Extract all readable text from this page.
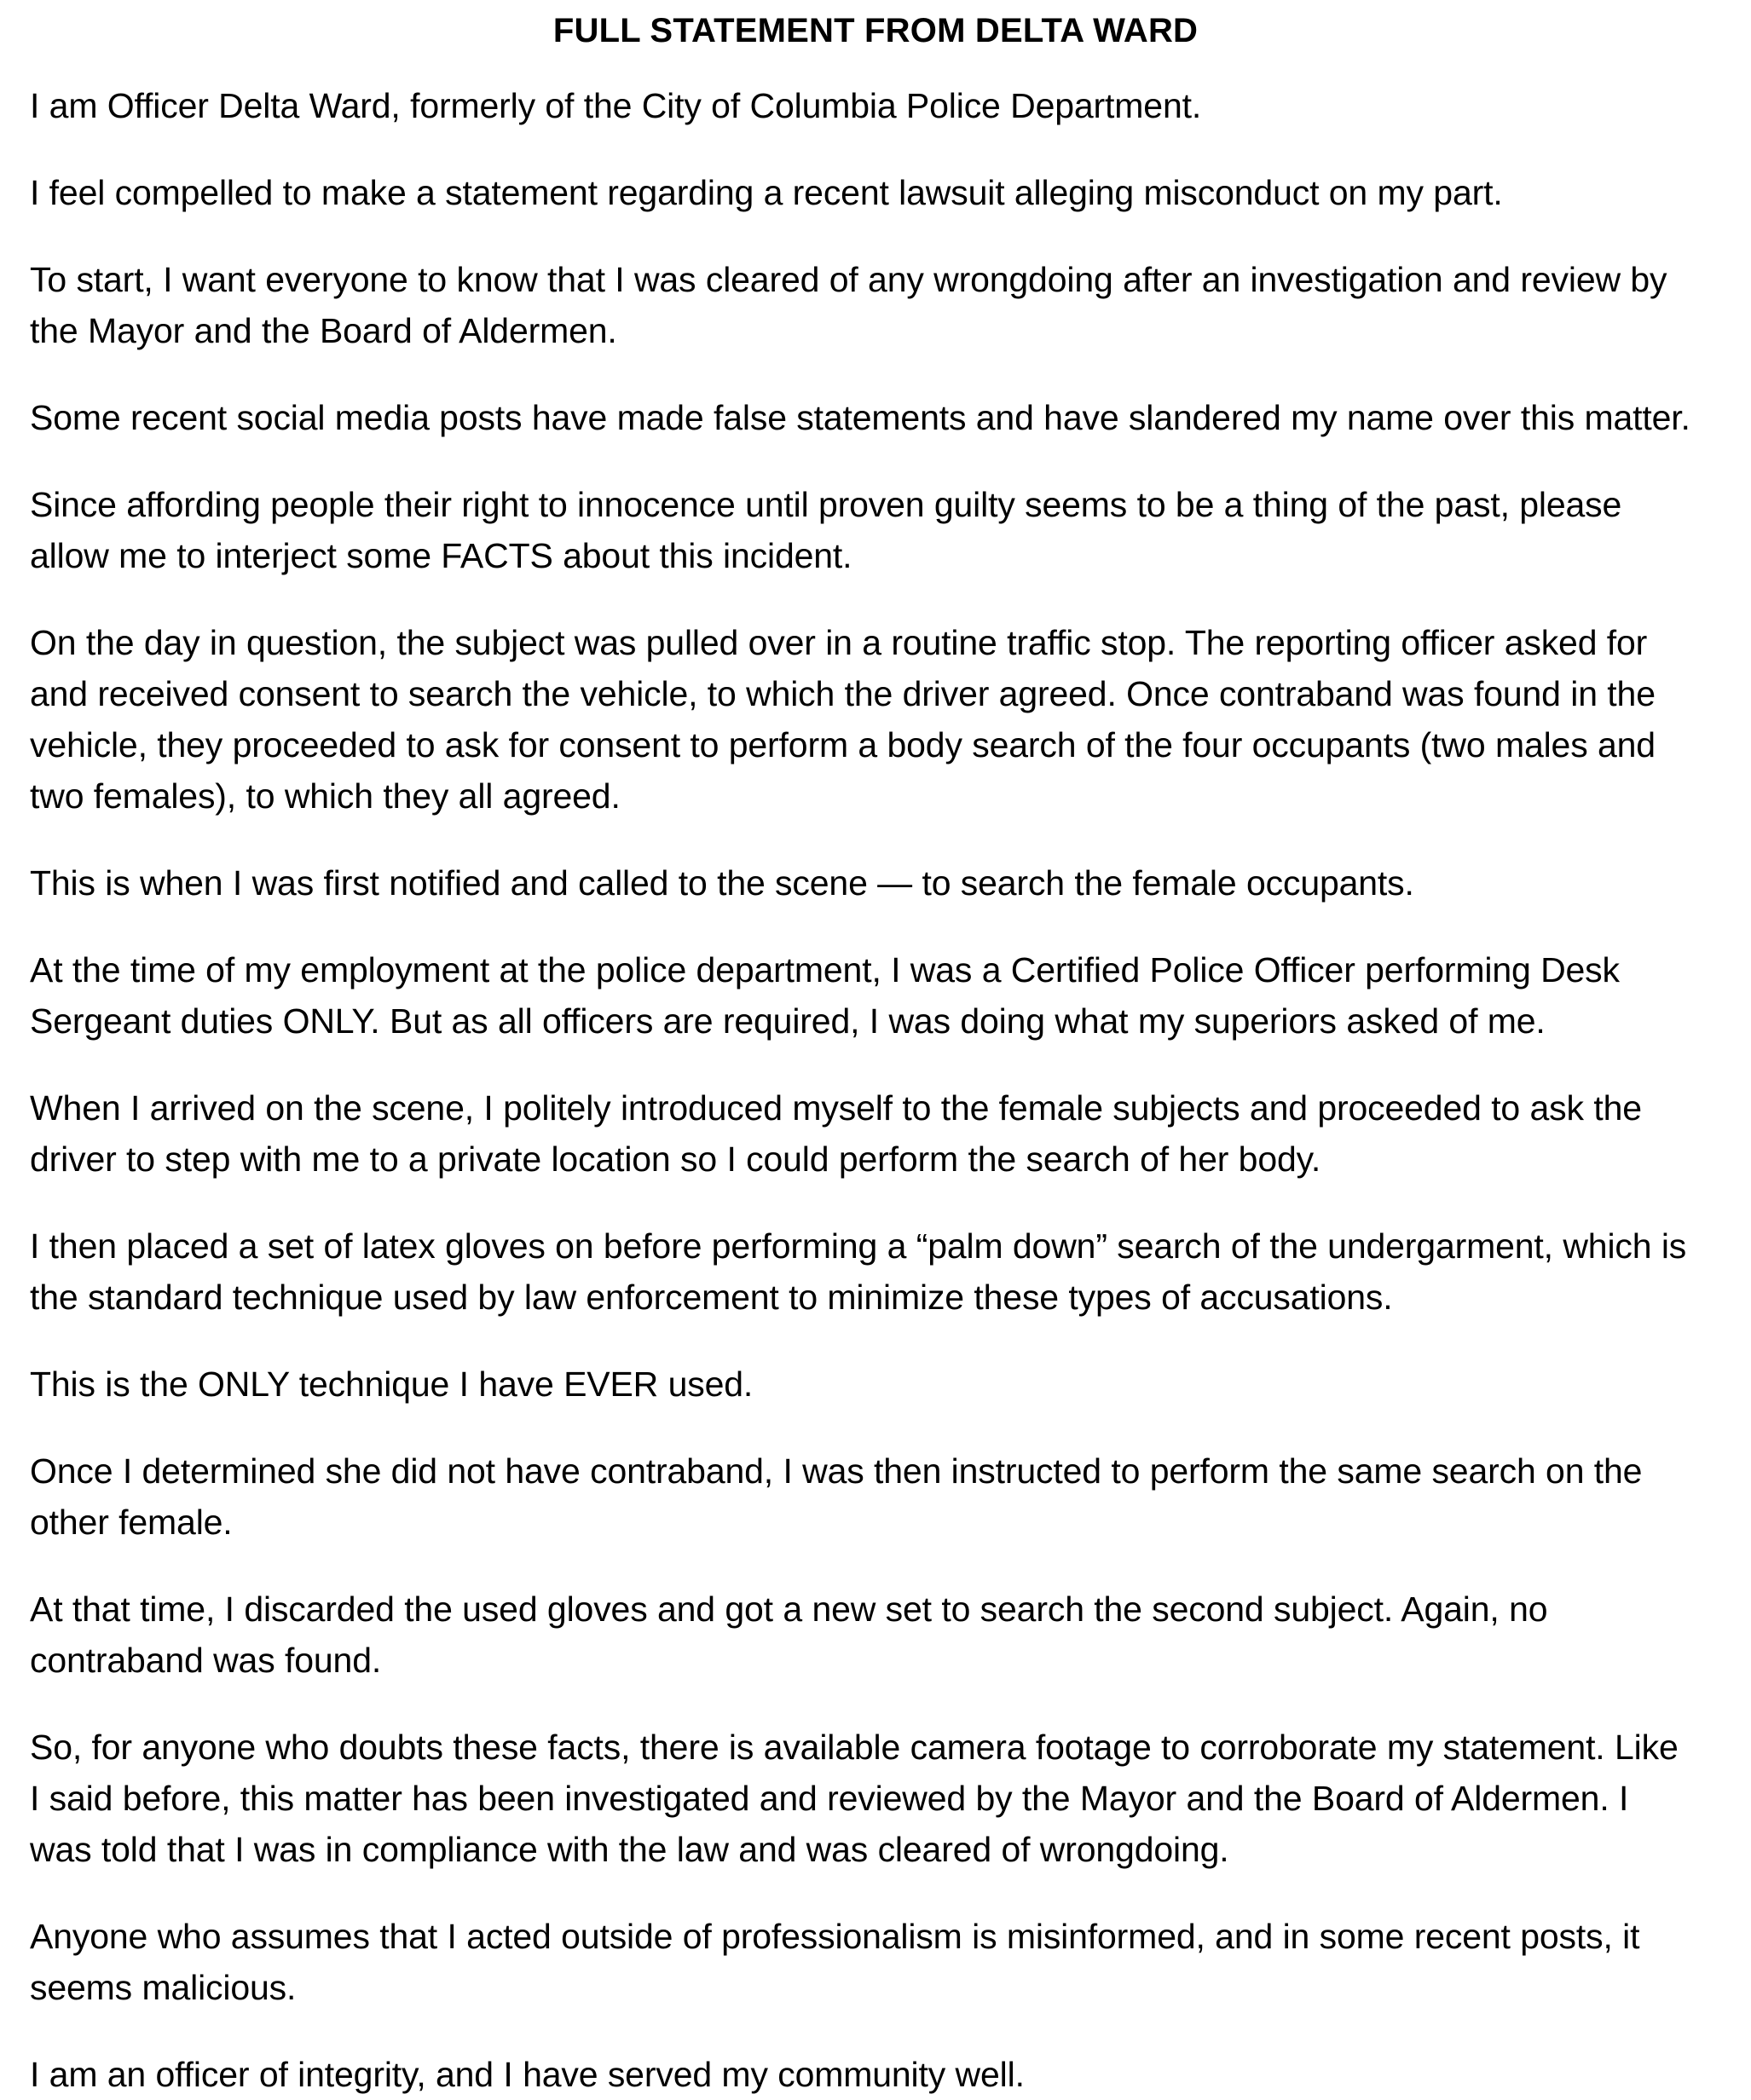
FULL STATEMENT FROM DELTA WARD

I am Officer Delta Ward, formerly of the City of Columbia Police Department.

I feel compelled to make a statement regarding a recent lawsuit alleging misconduct on my part.

To start, I want everyone to know that I was cleared of any wrongdoing after an investigation and review by the Mayor and the Board of Aldermen.

Some recent social media posts have made false statements and have slandered my name over this matter.

Since affording people their right to innocence until proven guilty seems to be a thing of the past, please allow me to interject some FACTS about this incident.

On the day in question, the subject was pulled over in a routine traffic stop. The reporting officer asked for and received consent to search the vehicle, to which the driver agreed. Once contraband was found in the vehicle, they proceeded to ask for consent to perform a body search of the four occupants (two males and two females), to which they all agreed.

This is when I was first notified and called to the scene — to search the female occupants.

At the time of my employment at the police department, I was a Certified Police Officer performing Desk Sergeant duties ONLY. But as all officers are required, I was doing what my superiors asked of me.

When I arrived on the scene, I politely introduced myself to the female subjects and proceeded to ask the driver to step with me to a private location so I could perform the search of her body.

I then placed a set of latex gloves on before performing a “palm down” search of the undergarment, which is the standard technique used by law enforcement to minimize these types of accusations.

This is the ONLY technique I have EVER used.

Once I determined she did not have contraband, I was then instructed to perform the same search on the other female.

At that time, I discarded the used gloves and got a new set to search the second subject. Again, no contraband was found.

So, for anyone who doubts these facts, there is available camera footage to corroborate my statement. Like I said before, this matter has been investigated and reviewed by the Mayor and the Board of Aldermen. I was told that I was in compliance with the law and was cleared of wrongdoing.

Anyone who assumes that I acted outside of professionalism is misinformed, and in some recent posts, it seems malicious.

I am an officer of integrity, and I have served my community well.
